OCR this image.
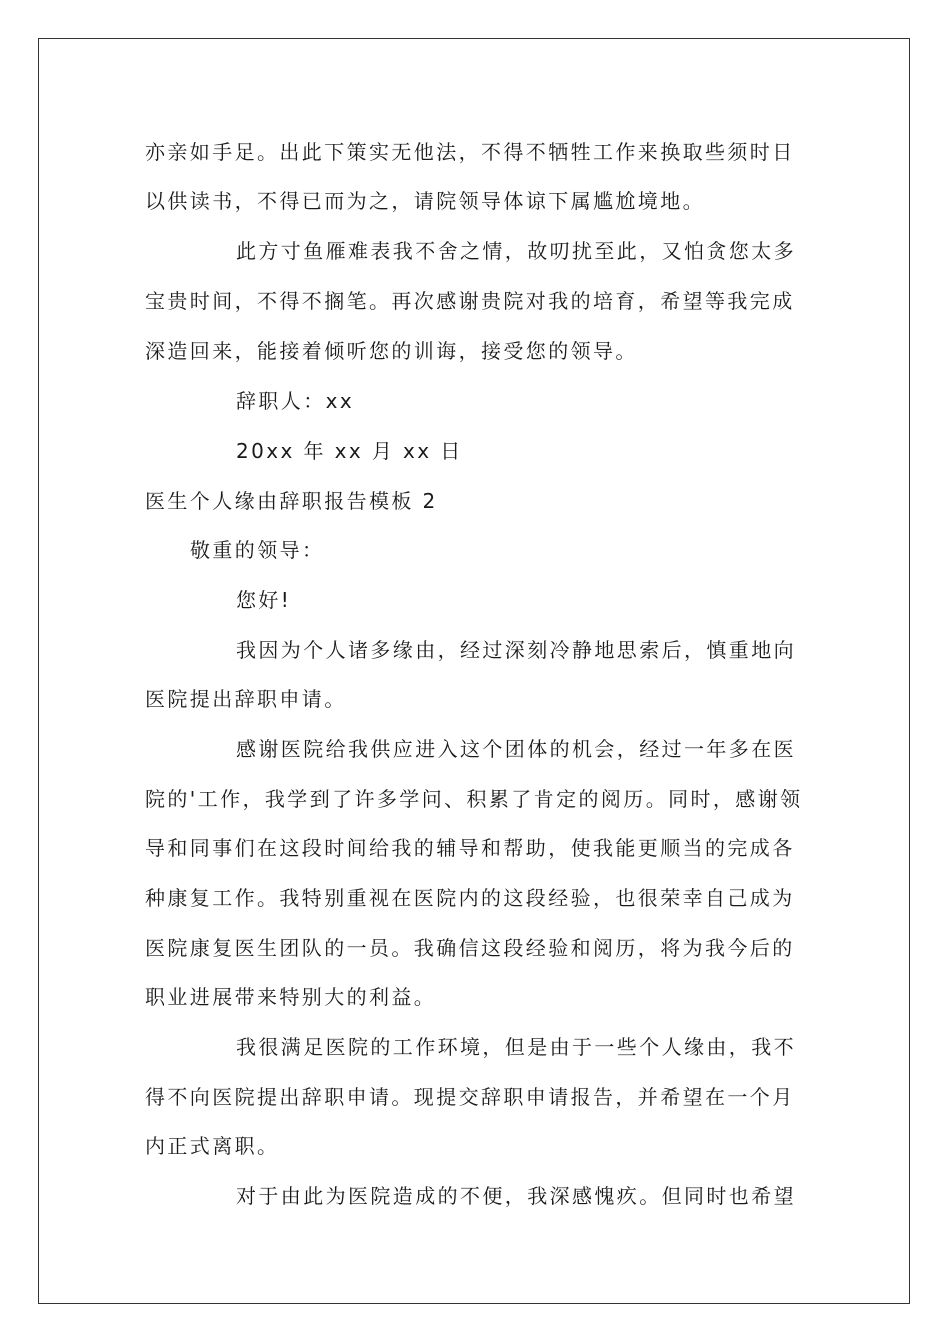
亦亲如手足。出此下策实无他法，不得不牺牲工作来换取些须时日
以供读书，不得已而为之，请院领导体谅下属尴尬境地。
此方寸鱼雁难表我不舍之情，故叨扰至此，又怕贪您太多
宝贵时间，不得不搁笔。再次感谢贵院对我的培育，希望等我完成
深造回来，能接着倾听您的训诲，接受您的领导。
辞职人：xx
20xx 年 xx 月 xx 日
医生个人缘由辞职报告模板 2
敬重的领导：
您好!
我因为个人诸多缘由，经过深刻冷静地思索后，慎重地向
医院提出辞职申请。
感谢医院给我供应进入这个团体的机会，经过一年多在医
院的'工作，我学到了许多学问、积累了肯定的阅历。同时，感谢领
导和同事们在这段时间给我的辅导和帮助，使我能更顺当的完成各
种康复工作。我特别重视在医院内的这段经验，也很荣幸自己成为
医院康复医生团队的一员。我确信这段经验和阅历，将为我今后的
职业进展带来特别大的利益。
我很满足医院的工作环境，但是由于一些个人缘由，我不
得不向医院提出辞职申请。现提交辞职申请报告，并希望在一个月
内正式离职。
对于由此为医院造成的不便，我深感愧疚。但同时也希望
